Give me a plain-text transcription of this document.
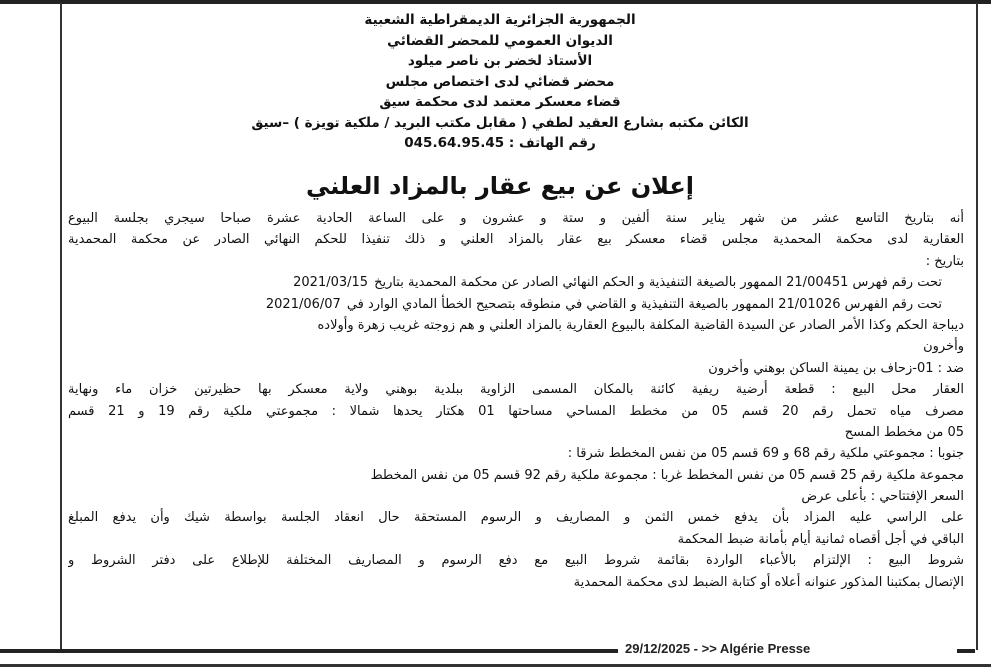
الجمهورية الجزائرية الديمقراطية الشعبية
الديوان العمومي للمحضر القضائي
الأستاذ لخضر بن ناصر ميلود
محضر قضائي لدى اختصاص مجلس
قضاء معسكر معتمد لدى محكمة سيق
الكائن مكتبه بشارع العقيد لطفي ( مقابل مكتب البريد / ملكية تويزة ) –سيق
رقم الهاتف : 045.64.95.45
إعلان عن بيع عقار بالمزاد العلني
أنه بتاريخ التاسع عشر من شهر يناير سنة ألفين و ستة و عشرون و على الساعة الحادية عشرة صباحا سيجري بجلسة البيوع
العقارية لدى محكمة المحمدية مجلس قضاء معسكر بيع عقار بالمزاد العلني و ذلك تنفيذا للحكم النهائي الصادر عن محكمة المحمدية
بتاريخ :
تحت رقم فهرس 21/00451 الممهور بالصيغة التنفيذية و الحكم النهائي الصادر عن محكمة المحمدية بتاريخ
2021/03/15
تحت رقم الفهرس 21/01026 الممهور بالصيغة التنفيذية و القاضي في منطوقه بتصحيح الخطأ المادي الوارد في
2021/06/07
ديباجة الحكم وكذا الأمر الصادر عن السيدة القاضية المكلفة بالبيوع العقارية بالمزاد العلني و هم زوجته غريب زهرة وأولاده
وأخرون
ضد : 01-زحاف بن يمينة الساكن بوهني وأخرون
العقار محل البيع : قطعة أرضية ريفية كائنة بالمكان المسمى الزاوية ببلدية بوهني ولاية معسكر بها حظيرتين خزان ماء ونهاية
مصرف مياه تحمل رقم 20 قسم 05 من مخطط المساحي مساحتها 01 هكتار يحدها شمالا : مجموعتي ملكية رقم 19 و 21 قسم
05 من مخطط المسح
جنوبا : مجموعتي ملكية رقم 68 و 69 قسم 05 من نفس المخطط شرقا :
مجموعة ملكية رقم 25 قسم 05 من نفس المخطط غربا : مجموعة ملكية رقم 92 قسم 05 من نفس المخطط
السعر الإفتتاحي : بأعلى عرض
على الراسي عليه المزاد بأن يدفع خمس الثمن و المصاريف و الرسوم المستحقة حال انعقاد الجلسة بواسطة شيك وأن يدفع المبلغ
الباقي في أجل أقصاه ثمانية أيام بأمانة ضبط المحكمة
شروط البيع : الإلتزام بالأعباء الواردة بقائمة شروط البيع مع دفع الرسوم و المصاريف المختلفة للإطلاع على دفتر الشروط و
الإتصال بمكتبنا المذكور عنوانه أعلاه أو كتابة الضبط لدى محكمة المحمدية
29/12/2025 - >> Algérie Presse
